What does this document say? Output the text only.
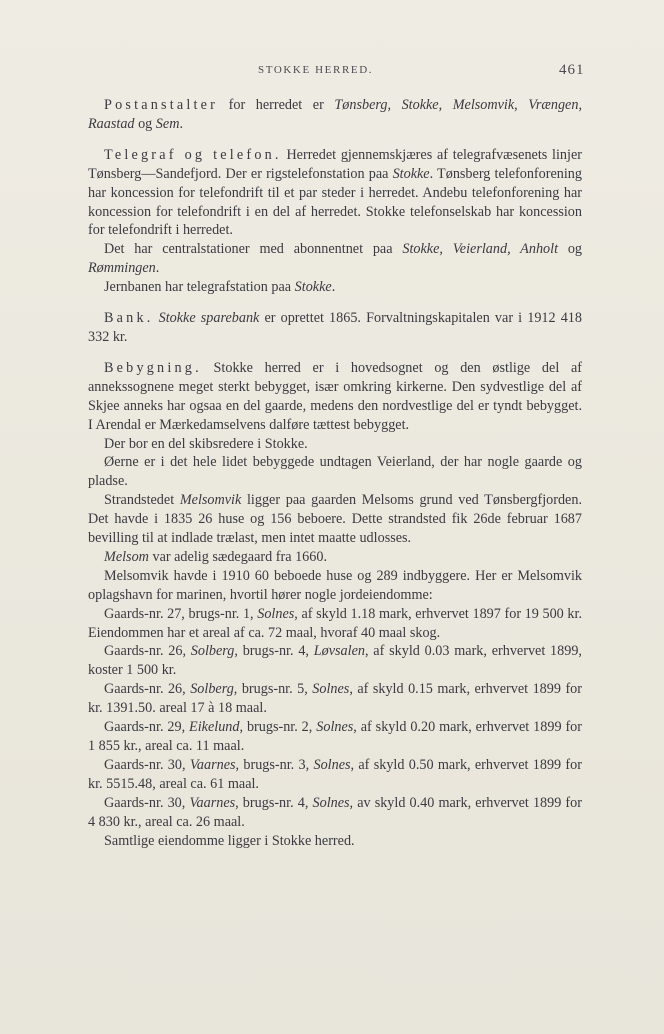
STOKKE HERRED.	461

Postanstalter for herredet er Tønsberg, Stokke, Melsomvik, Vrængen, Raastad og Sem.

Telegraf og telefon. Herredet gjennemskjæres af telegrafvæsenets linjer Tønsberg—Sandefjord. Der er rigstelefonstation paa Stokke. Tønsberg telefonforening har koncession for telefondrift til et par steder i herredet. Andebu telefonforening har koncession for telefondrift i en del af herredet. Stokke telefonselskab har koncession for telefondrift i herredet.

Det har centralstationer med abonnentnet paa Stokke, Veierland, Anholt og Rømmingen.

Jernbanen har telegrafstation paa Stokke.

Bank. Stokke sparebank er oprettet 1865. Forvaltningskapitalen var i 1912 418 332 kr.

Bebygning. Stokke herred er i hovedsognet og den østlige del af annekssognene meget sterkt bebygget, især omkring kirkerne. Den sydvestlige del af Skjee anneks har ogsaa en del gaarde, medens den nordvestlige del er tyndt bebygget. I Arendal er Mærkedamselvens dalføre tættest bebygget.

Der bor en del skibsredere i Stokke.

Øerne er i det hele lidet bebyggede undtagen Veierland, der har nogle gaarde og pladse.

Strandstedet Melsomvik ligger paa gaarden Melsoms grund ved Tønsbergfjorden. Det havde i 1835 26 huse og 156 beboere. Dette strandsted fik 26de februar 1687 bevilling til at indlade trælast, men intet maatte udlosses.

Melsom var adelig sædegaard fra 1660.

Melsomvik havde i 1910 60 beboede huse og 289 indbyggere. Her er Melsomvik oplagshavn for marinen, hvortil hører nogle jordeiendomme:

Gaards-nr. 27, brugs-nr. 1, Solnes, af skyld 1.18 mark, erhvervet 1897 for 19 500 kr. Eiendommen har et areal af ca. 72 maal, hvoraf 40 maal skog.

Gaards-nr. 26, Solberg, brugs-nr. 4, Løvsalen, af skyld 0.03 mark, erhvervet 1899, koster 1 500 kr.

Gaards-nr. 26, Solberg, brugs-nr. 5, Solnes, af skyld 0.15 mark, erhvervet 1899 for kr. 1391.50. areal 17 à 18 maal.

Gaards-nr. 29, Eikelund, brugs-nr. 2, Solnes, af skyld 0.20 mark, erhvervet 1899 for 1 855 kr., areal ca. 11 maal.

Gaards-nr. 30, Vaarnes, brugs-nr. 3, Solnes, af skyld 0.50 mark, erhvervet 1899 for kr. 5515.48, areal ca. 61 maal.

Gaards-nr. 30, Vaarnes, brugs-nr. 4, Solnes, av skyld 0.40 mark, erhvervet 1899 for 4 830 kr., areal ca. 26 maal.

Samtlige eiendomme ligger i Stokke herred.
